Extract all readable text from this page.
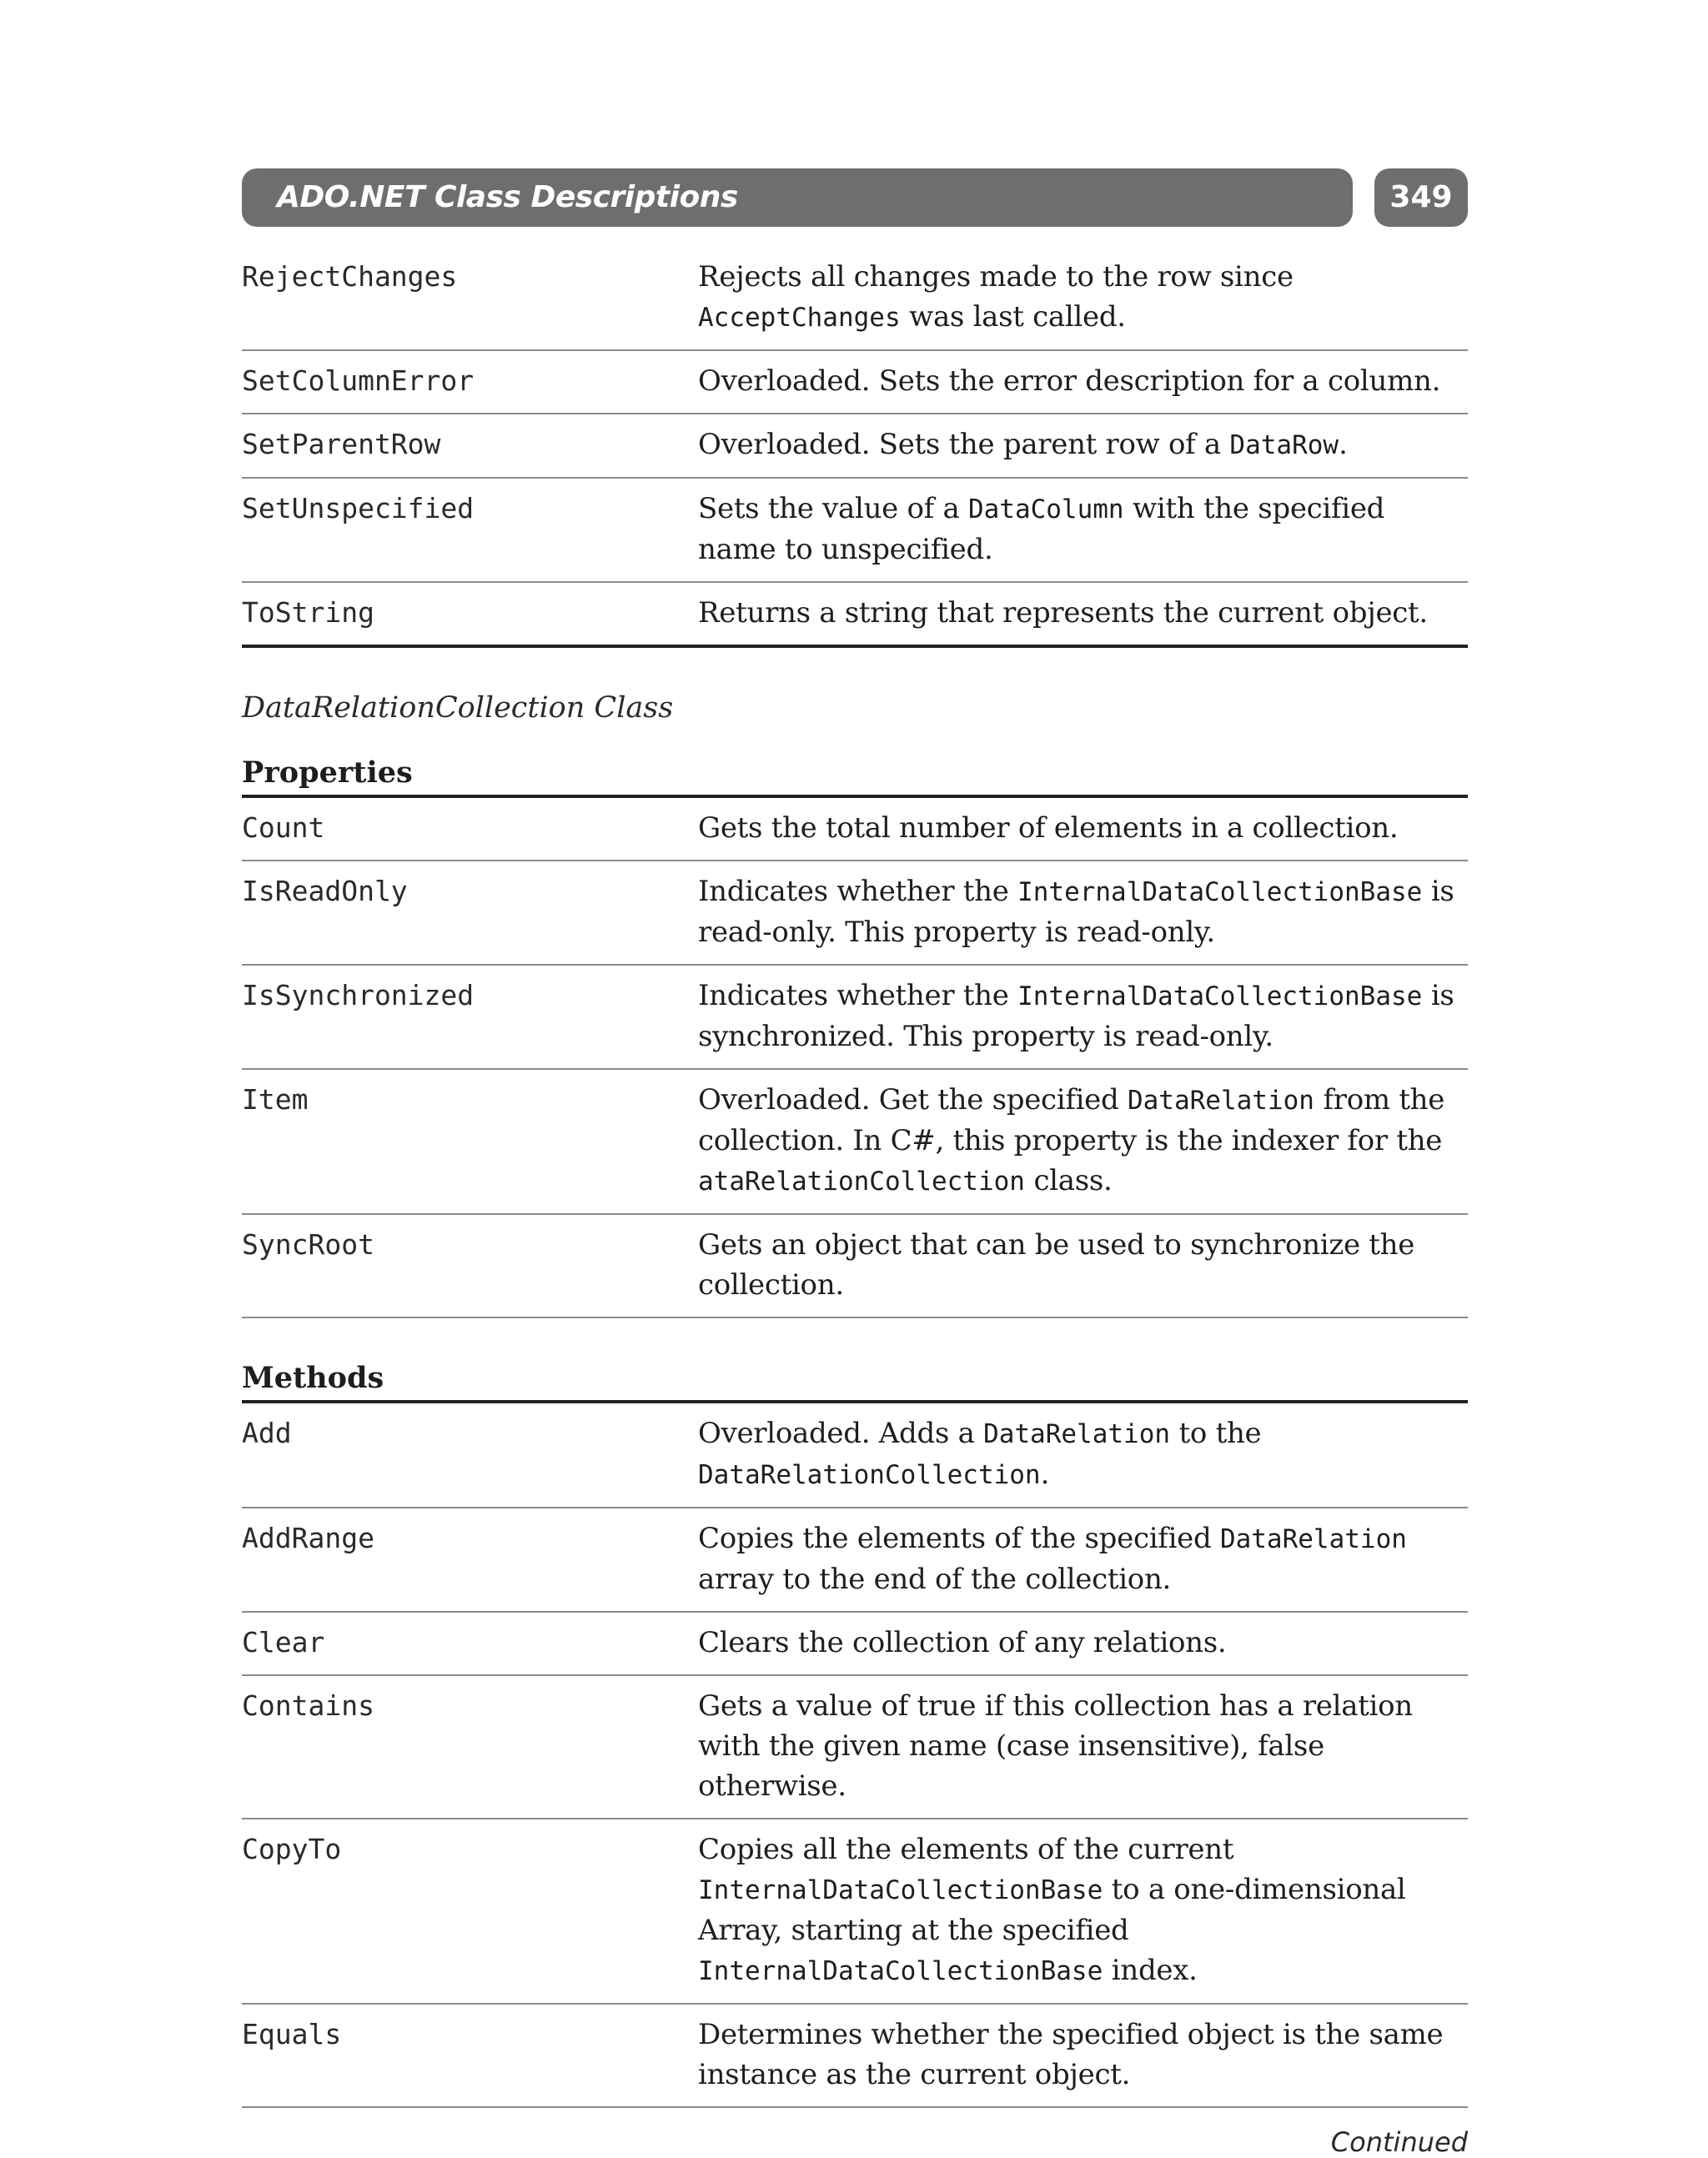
ADO.NET Class Descriptions	349
RejectChanges	Rejects all changes made to the row since AcceptChanges was last called.
SetColumnError	Overloaded. Sets the error description for a column.
SetParentRow	Overloaded. Sets the parent row of a DataRow.
SetUnspecified	Sets the value of a DataColumn with the specified name to unspecified.
ToString	Returns a string that represents the current object.
DataRelationCollection Class
Properties
Count	Gets the total number of elements in a collection.
IsReadOnly	Indicates whether the InternalDataCollectionBase is read-only. This property is read-only.
IsSynchronized	Indicates whether the InternalDataCollectionBase is synchronized. This property is read-only.
Item	Overloaded. Get the specified DataRelation from the collection. In C#, this property is the indexer for the ataRelationCollection class.
SyncRoot	Gets an object that can be used to synchronize the collection.
Methods
Add	Overloaded. Adds a DataRelation to the DataRelationCollection.
AddRange	Copies the elements of the specified DataRelation array to the end of the collection.
Clear	Clears the collection of any relations.
Contains	Gets a value of true if this collection has a relation with the given name (case insensitive), false otherwise.
CopyTo	Copies all the elements of the current InternalDataCollectionBase to a one-dimensional Array, starting at the specified InternalDataCollectionBase index.
Equals	Determines whether the specified object is the same instance as the current object.
Continued
